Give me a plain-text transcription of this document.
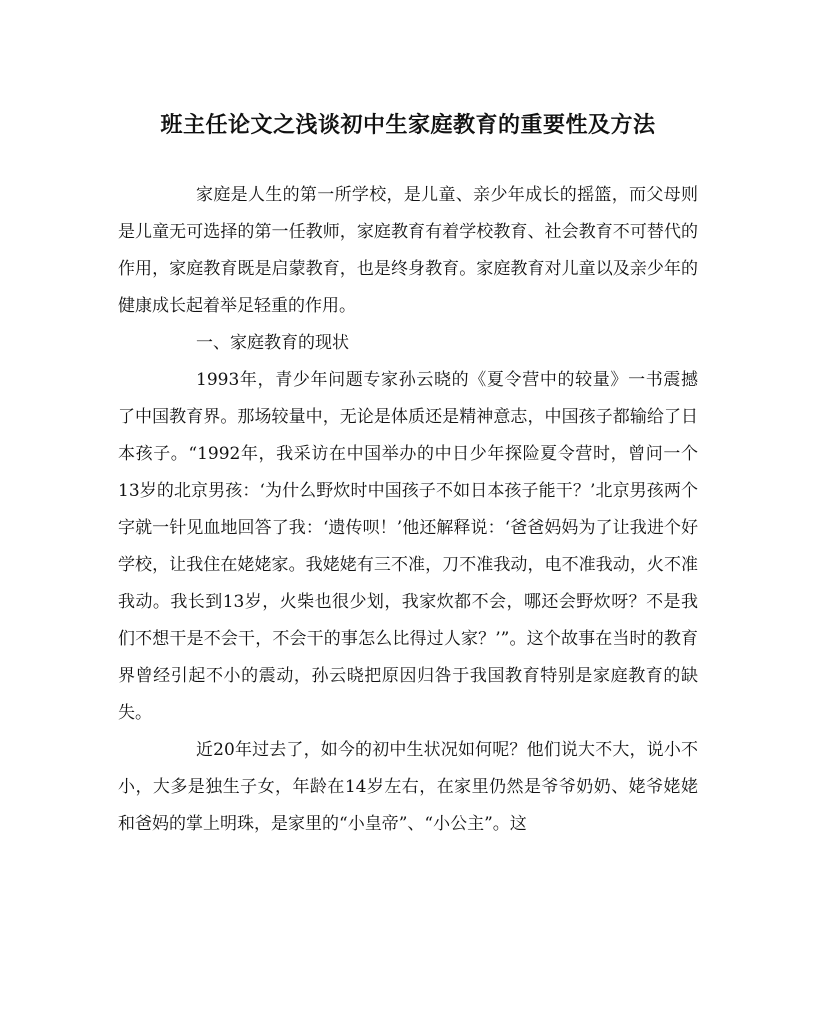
班主任论文之浅谈初中生家庭教育的重要性及方法

家庭是人生的第一所学校，是儿童、亲少年成长的摇篮，而父母则是儿童无可选择的第一任教师，家庭教育有着学校教育、社会教育不可替代的作用，家庭教育既是启蒙教育，也是终身教育。家庭教育对儿童以及亲少年的健康成长起着举足轻重的作用。

一、家庭教育的现状

1993年，青少年问题专家孙云晓的《夏令营中的较量》一书震撼了中国教育界。那场较量中，无论是体质还是精神意志，中国孩子都输给了日本孩子。“1992年，我采访在中国举办的中日少年探险夏令营时，曾问一个13岁的北京男孩：‘为什么野炊时中国孩子不如日本孩子能干？’北京男孩两个字就一针见血地回答了我：‘遗传呗！’他还解释说：‘爸爸妈妈为了让我进个好学校，让我住在姥姥家。我姥姥有三不准，刀不准我动，电不准我动，火不准我动。我长到13岁，火柴也很少划，我家炊都不会，哪还会野炊呀？不是我们不想干是不会干，不会干的事怎么比得过人家？’”。这个故事在当时的教育界曾经引起不小的震动，孙云晓把原因归咎于我国教育特别是家庭教育的缺失。

近20年过去了，如今的初中生状况如何呢？他们说大不大，说小不小，大多是独生子女，年龄在14岁左右，在家里仍然是爷爷奶奶、姥爷姥姥和爸妈的掌上明珠，是家里的“小皇帝”、“小公主”。这
